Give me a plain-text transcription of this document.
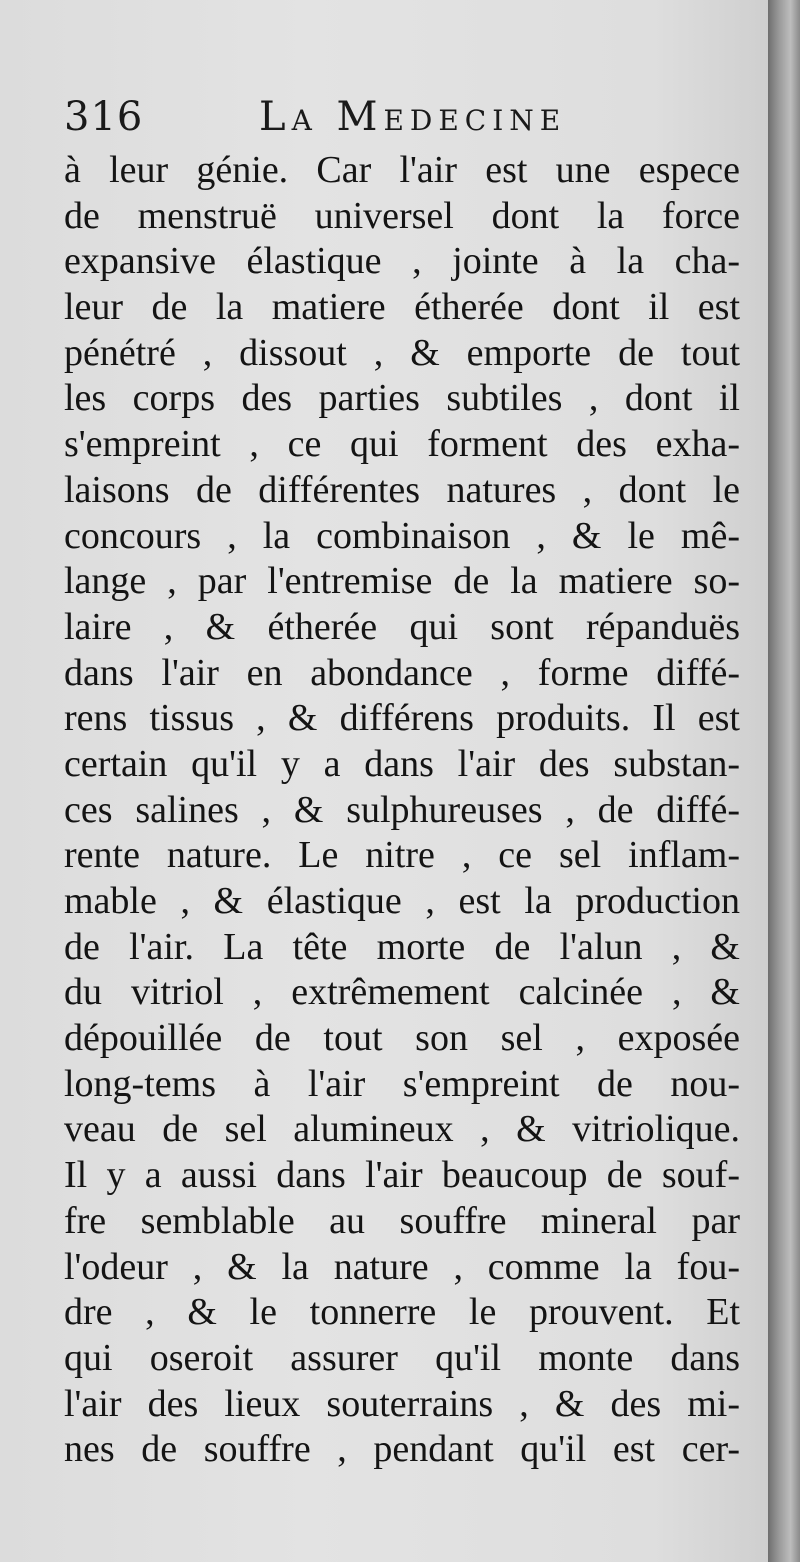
316	La Medecine
à leur génie. Car l'air est une espece
de menstruë universel dont la force
expansive élastique , jointe à la cha-
leur de la matiere étherée dont il est
pénétré , dissout , & emporte de tout
les corps des parties subtiles , dont il
s'empreint , ce qui forment des exha-
laisons de différentes natures , dont le
concours , la combinaison , & le mê-
lange , par l'entremise de la matiere so-
laire , & étherée qui sont répanduës
dans l'air en abondance , forme diffé-
rens tissus , & différens produits. Il est
certain qu'il y a dans l'air des substan-
ces salines , & sulphureuses , de diffé-
rente nature. Le nitre , ce sel inflam-
mable , & élastique , est la production
de l'air. La tête morte de l'alun , &
du vitriol , extrêmement calcinée , &
dépouillée de tout son sel , exposée
long-tems à l'air s'empreint de nou-
veau de sel alumineux , & vitriolique.
Il y a aussi dans l'air beaucoup de souf-
fre semblable au souffre mineral par
l'odeur , & la nature , comme la fou-
dre , & le tonnerre le prouvent. Et
qui oseroit assurer qu'il monte dans
l'air des lieux souterrains , & des mi-
nes de souffre , pendant qu'il est cer-
